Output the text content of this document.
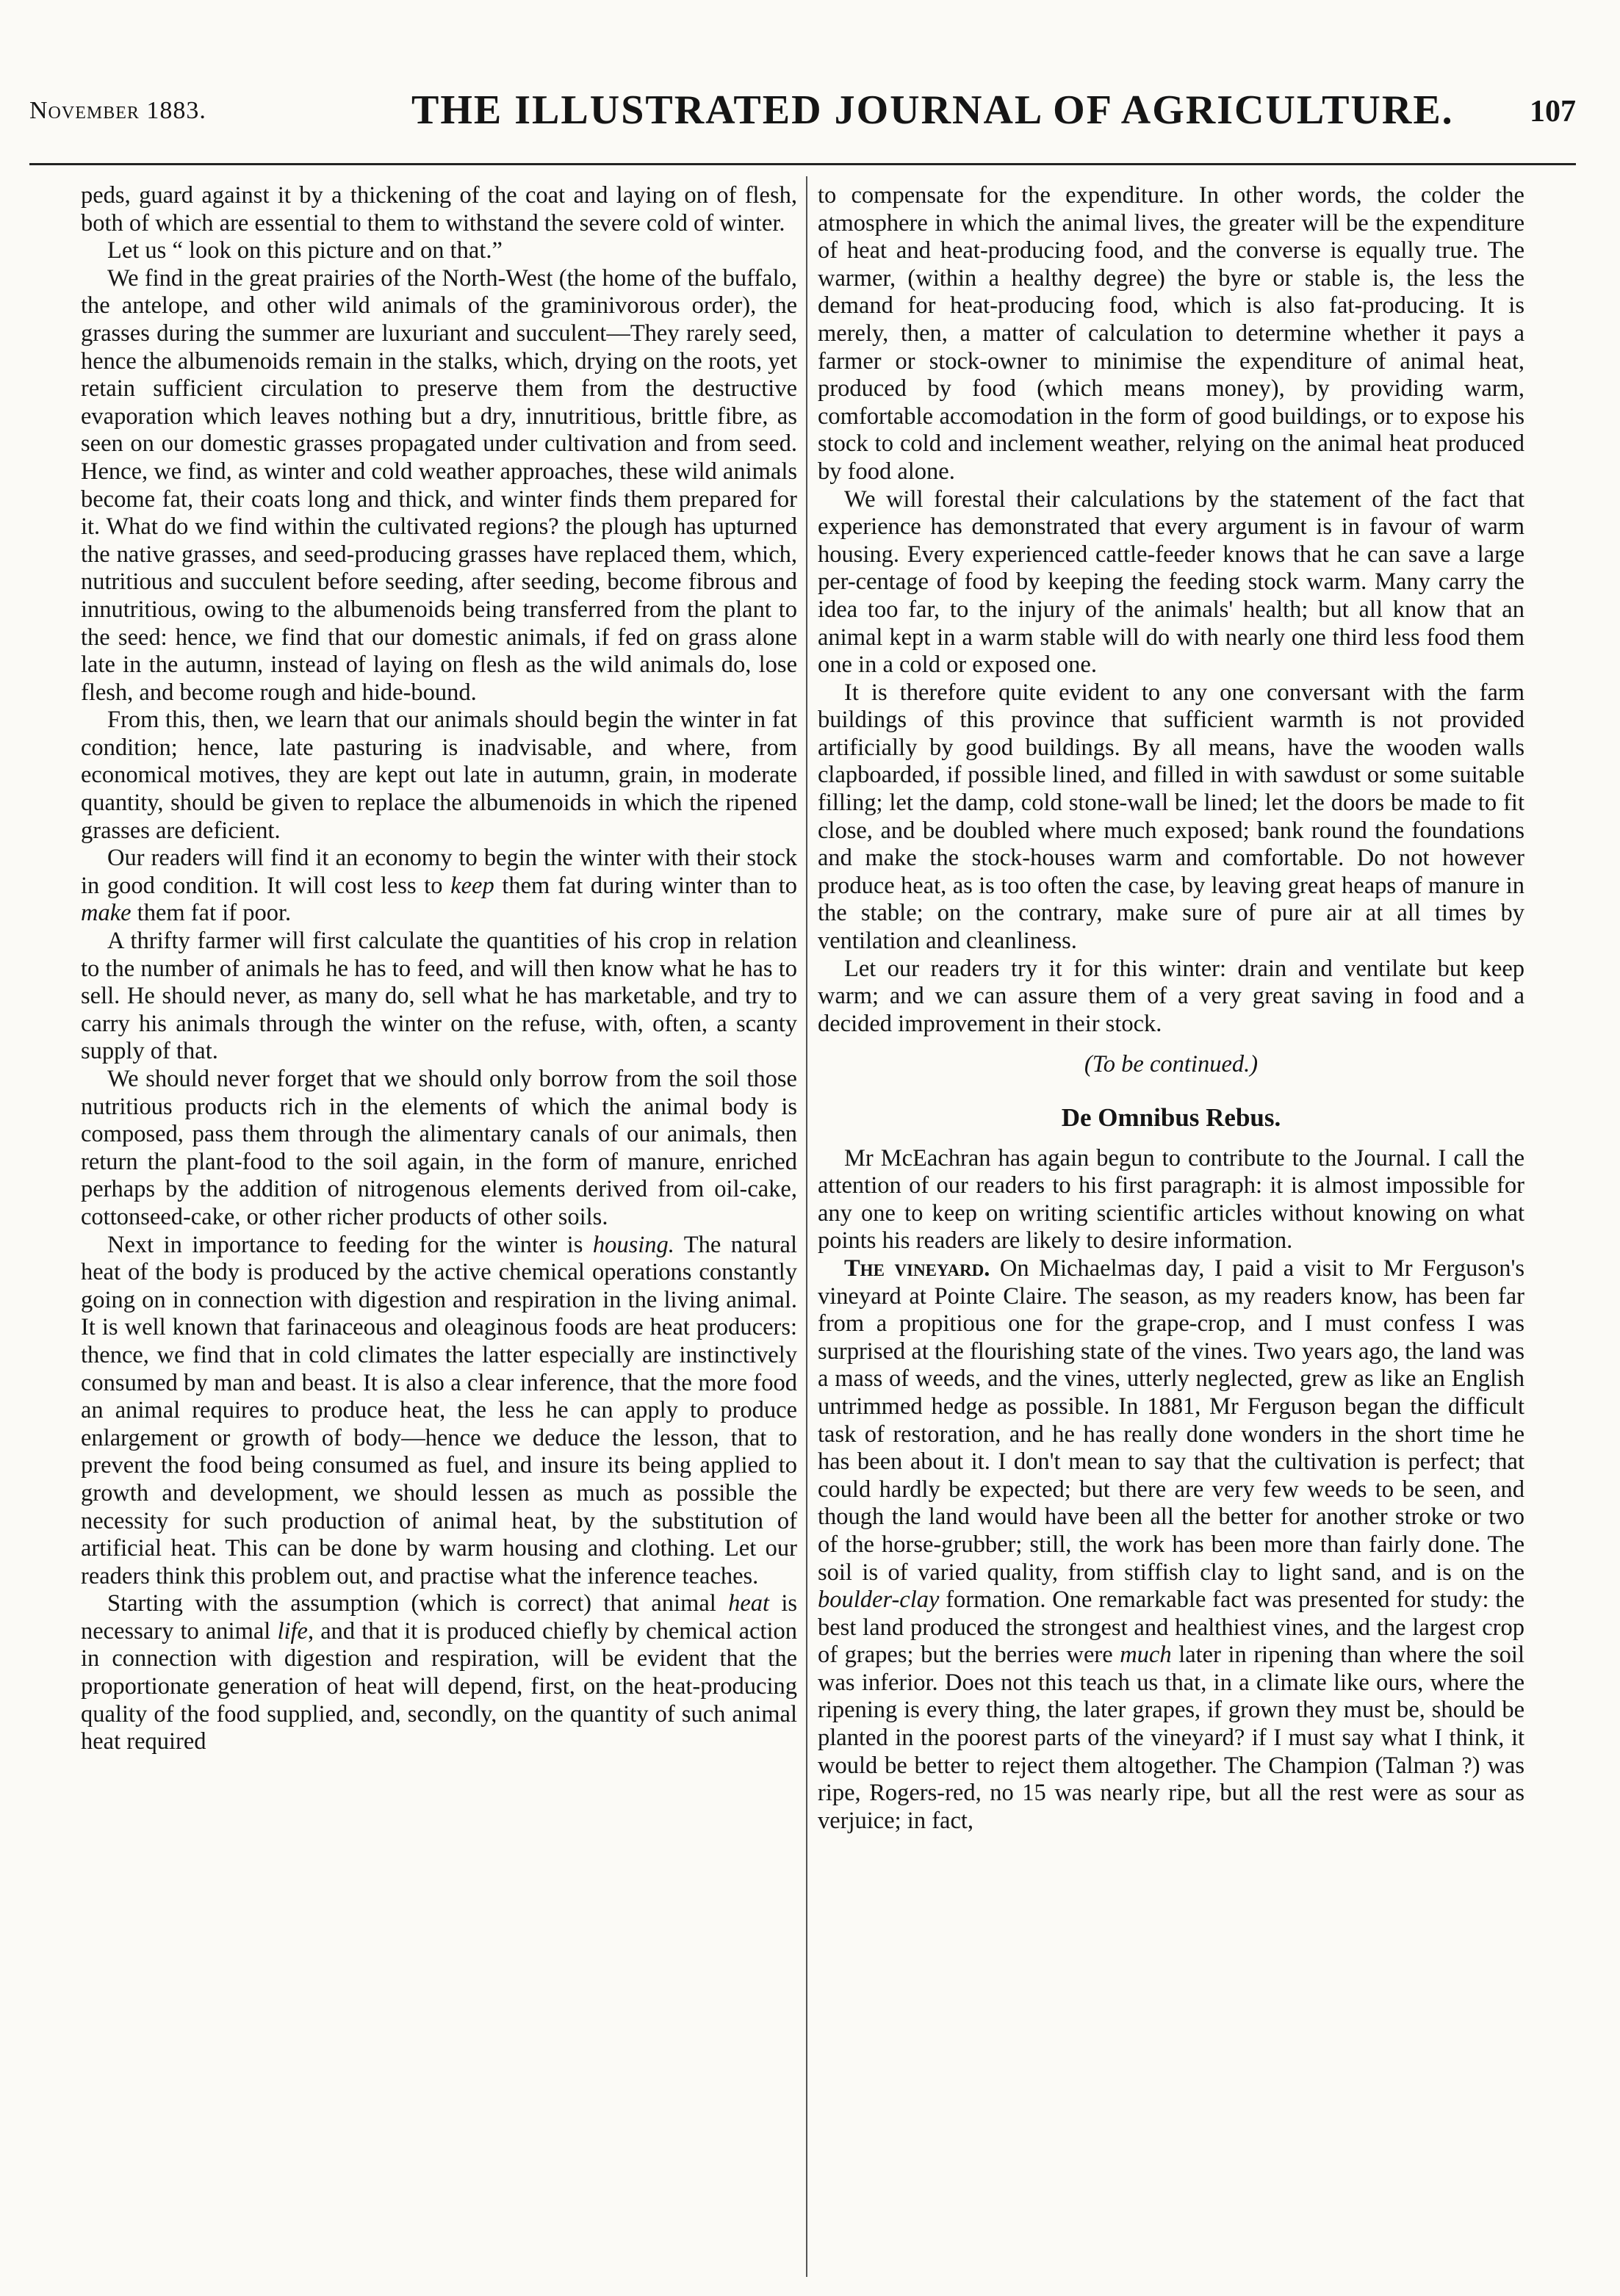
November 1883.	THE ILLUSTRATED JOURNAL OF AGRICULTURE. 107

peds, guard against it by a thickening of the coat and laying on of flesh, both of which are essential to them to withstand the severe cold of winter.

Let us “ look on this picture and on that.”

We find in the great prairies of the North-West (the home of the buffalo, the antelope, and other wild animals of the graminivorous order), the grasses during the summer are luxuriant and succulent—They rarely seed, hence the albumenoids remain in the stalks, which, drying on the roots, yet retain sufficient circulation to preserve them from the destructive evaporation which leaves nothing but a dry, innutritious, brittle fibre, as seen on our domestic grasses propagated under cultivation and from seed. Hence, we find, as winter and cold weather approaches, these wild animals become fat, their coats long and thick, and winter finds them prepared for it. What do we find within the cultivated regions? the plough has upturned the native grasses, and seed-producing grasses have replaced them, which, nutritious and succulent before seeding, after seeding, become fibrous and innutritious, owing to the albumenoids being transferred from the plant to the seed: hence, we find that our domestic animals, if fed on grass alone late in the autumn, instead of laying on flesh as the wild animals do, lose flesh, and become rough and hide-bound.

From this, then, we learn that our animals should begin the winter in fat condition; hence, late pasturing is inadvisable, and where, from economical motives, they are kept out late in autumn, grain, in moderate quantity, should be given to replace the albumenoids in which the ripened grasses are deficient.

Our readers will find it an economy to begin the winter with their stock in good condition. It will cost less to keep them fat during winter than to make them fat if poor.

A thrifty farmer will first calculate the quantities of his crop in relation to the number of animals he has to feed, and will then know what he has to sell. He should never, as many do, sell what he has marketable, and try to carry his animals through the winter on the refuse, with, often, a scanty supply of that.

We should never forget that we should only borrow from the soil those nutritious products rich in the elements of which the animal body is composed, pass them through the alimentary canals of our animals, then return the plant-food to the soil again, in the form of manure, enriched perhaps by the addition of nitrogenous elements derived from oil-cake, cottonseed-cake, or other richer products of other soils.

Next in importance to feeding for the winter is housing. The natural heat of the body is produced by the active chemical operations constantly going on in connection with digestion and respiration in the living animal. It is well known that farinaceous and oleaginous foods are heat producers: thence, we find that in cold climates the latter especially are instinctively consumed by man and beast. It is also a clear inference, that the more food an animal requires to produce heat, the less he can apply to produce enlargement or growth of body—hence we deduce the lesson, that to prevent the food being consumed as fuel, and insure its being applied to growth and development, we should lessen as much as possible the necessity for such production of animal heat, by the substitution of artificial heat. This can be done by warm housing and clothing. Let our readers think this problem out, and practise what the inference teaches.

Starting with the assumption (which is correct) that animal heat is necessary to animal life, and that it is produced chiefly by chemical action in connection with digestion and respiration, will be evident that the proportionate generation of heat will depend, first, on the heat-producing quality of the food supplied, and, secondly, on the quantity of such animal heat required

to compensate for the expenditure. In other words, the colder the atmosphere in which the animal lives, the greater will be the expenditure of heat and heat-producing food, and the converse is equally true. The warmer, (within a healthy degree) the byre or stable is, the less the demand for heat-producing food, which is also fat-producing. It is merely, then, a matter of calculation to determine whether it pays a farmer or stock-owner to minimise the expenditure of animal heat, produced by food (which means money), by providing warm, comfortable accomodation in the form of good buildings, or to expose his stock to cold and inclement weather, relying on the animal heat produced by food alone.

We will forestal their calculations by the statement of the fact that experience has demonstrated that every argument is in favour of warm housing. Every experienced cattle-feeder knows that he can save a large per-centage of food by keeping the feeding stock warm. Many carry the idea too far, to the injury of the animals' health; but all know that an animal kept in a warm stable will do with nearly one third less food them one in a cold or exposed one.

It is therefore quite evident to any one conversant with the farm buildings of this province that sufficient warmth is not provided artificially by good buildings. By all means, have the wooden walls clapboarded, if possible lined, and filled in with sawdust or some suitable filling; let the damp, cold stone-wall be lined; let the doors be made to fit close, and be doubled where much exposed; bank round the foundations and make the stock-houses warm and comfortable. Do not however produce heat, as is too often the case, by leaving great heaps of manure in the stable; on the contrary, make sure of pure air at all times by ventilation and cleanliness.

Let our readers try it for this winter: drain and ventilate but keep warm; and we can assure them of a very great saving in food and a decided improvement in their stock.

(To be continued.)
De Omnibus Rebus.

Mr McEachran has again begun to contribute to the Journal. I call the attention of our readers to his first paragraph: it is almost impossible for any one to keep on writing scientific articles without knowing on what points his readers are likely to desire information.

The vineyard. On Michaelmas day, I paid a visit to Mr Ferguson's vineyard at Pointe Claire. The season, as my readers know, has been far from a propitious one for the grape-crop, and I must confess I was surprised at the flourishing state of the vines. Two years ago, the land was a mass of weeds, and the vines, utterly neglected, grew as like an English untrimmed hedge as possible. In 1881, Mr Ferguson began the difficult task of restoration, and he has really done wonders in the short time he has been about it. I don't mean to say that the cultivation is perfect; that could hardly be expected; but there are very few weeds to be seen, and though the land would have been all the better for another stroke or two of the horse-grubber; still, the work has been more than fairly done. The soil is of varied quality, from stiffish clay to light sand, and is on the boulder-clay formation. One remarkable fact was presented for study: the best land produced the strongest and healthiest vines, and the largest crop of grapes; but the berries were much later in ripening than where the soil was inferior. Does not this teach us that, in a climate like ours, where the ripening is every thing, the later grapes, if grown they must be, should be planted in the poorest parts of the vineyard? if I must say what I think, it would be better to reject them altogether. The Champion (Talman ?) was ripe, Rogers-red, no 15 was nearly ripe, but all the rest were as sour as verjuice; in fact,
